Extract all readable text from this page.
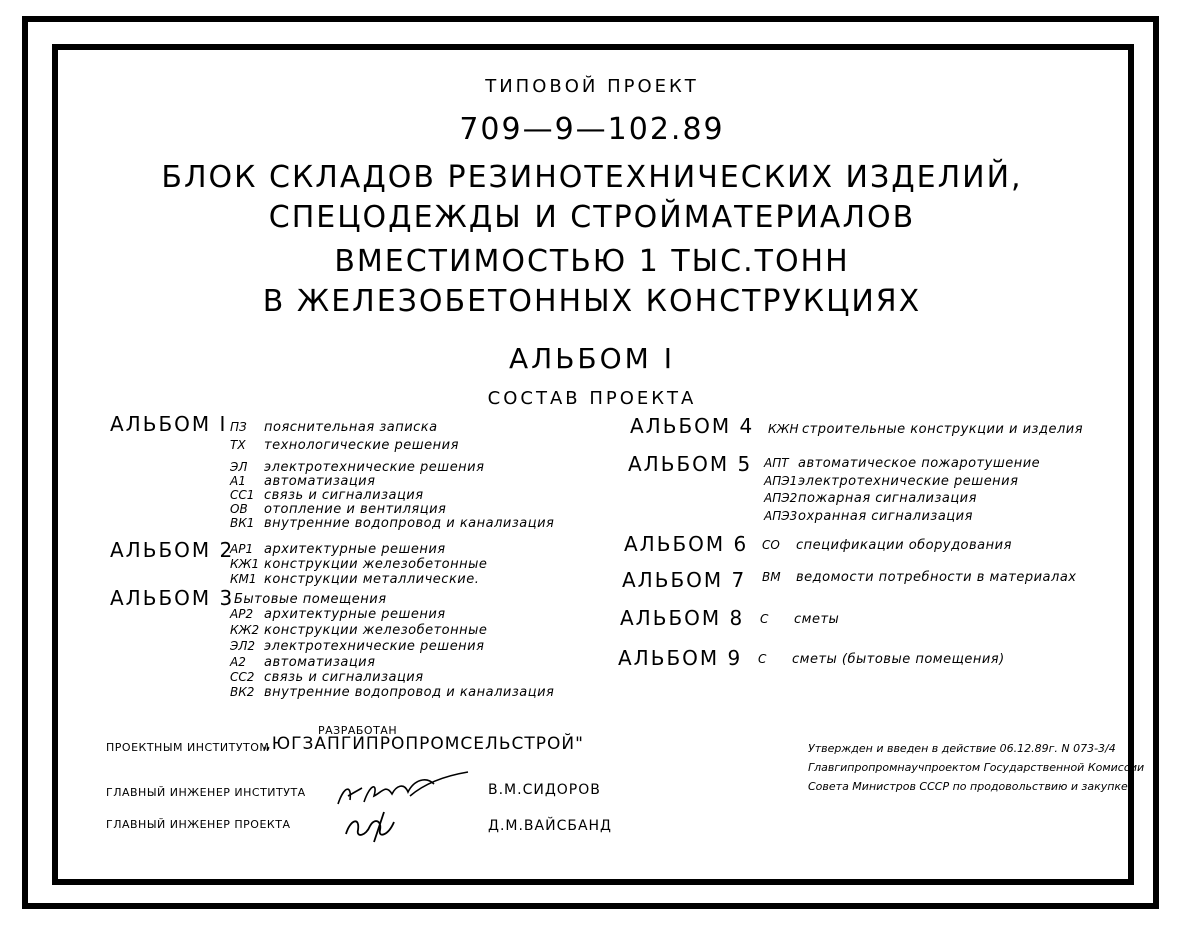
ТИПОВОЙ ПРОЕКТ
709—9—102.89
БЛОК СКЛАДОВ РЕЗИНОТЕХНИЧЕСКИХ ИЗДЕЛИЙ,
СПЕЦОДЕЖДЫ И СТРОЙМАТЕРИАЛОВ
ВМЕСТИМОСТЬЮ 1 ТЫС.ТОНН
В ЖЕЛЕЗОБЕТОННЫХ КОНСТРУКЦИЯХ
АЛЬБОМ I
СОСТАВ ПРОЕКТА
АЛЬБОМ I ПЗ пояснительная записка
ТХ технологические решения
ЭЛ электротехнические решения
А1 автоматизация
СС1 связь и сигнализация
ОВ отопление и вентиляция
ВК1 внутренние водопровод и канализация
АЛЬБОМ 2
АР1 архитектурные решения
КЖ1 конструкции железобетонные
КМ1 конструкции металлические.
АЛЬБОМ 3 Бытовые помещения
АР2 архитектурные решения
КЖ2 конструкции железобетонные
ЭЛ2 электротехнические решения
А2 автоматизация
СС2 связь и сигнализация
ВК2 внутренние водопровод и канализация
АЛЬБОМ 4 КЖН строительные конструкции и изделия
АЛЬБОМ 5 АПТ автоматическое пожаротушение
АПЭ1электротехнические решения
АПЭ2пожарная сигнализация
АПЭ3охранная сигнализация
АЛЬБОМ 6 СО спецификации оборудования
АЛЬБОМ 7 ВМ ведомости потребности в материалах
АЛЬБОМ 8 С сметы
АЛЬБОМ 9 С сметы (бытовые помещения)
РАЗРАБОТАН
ПРОЕКТНЫМ ИНСТИТУТОМ
„ЮГЗАПГИПРОПРОМСЕЛЬСТРОЙ"
ГЛАВНЫЙ ИНЖЕНЕР ИНСТИТУТА	В.М.СИДОРОВ
ГЛАВНЫЙ ИНЖЕНЕР ПРОЕКТА	Д.М.ВАЙСБАНД
Утвержден и введен в действие 06.12.89г. N 073-3/4
Главгипропромнаучпроектом Государственной Комиссии
Совета Министров СССР по продовольствию и закупке.
